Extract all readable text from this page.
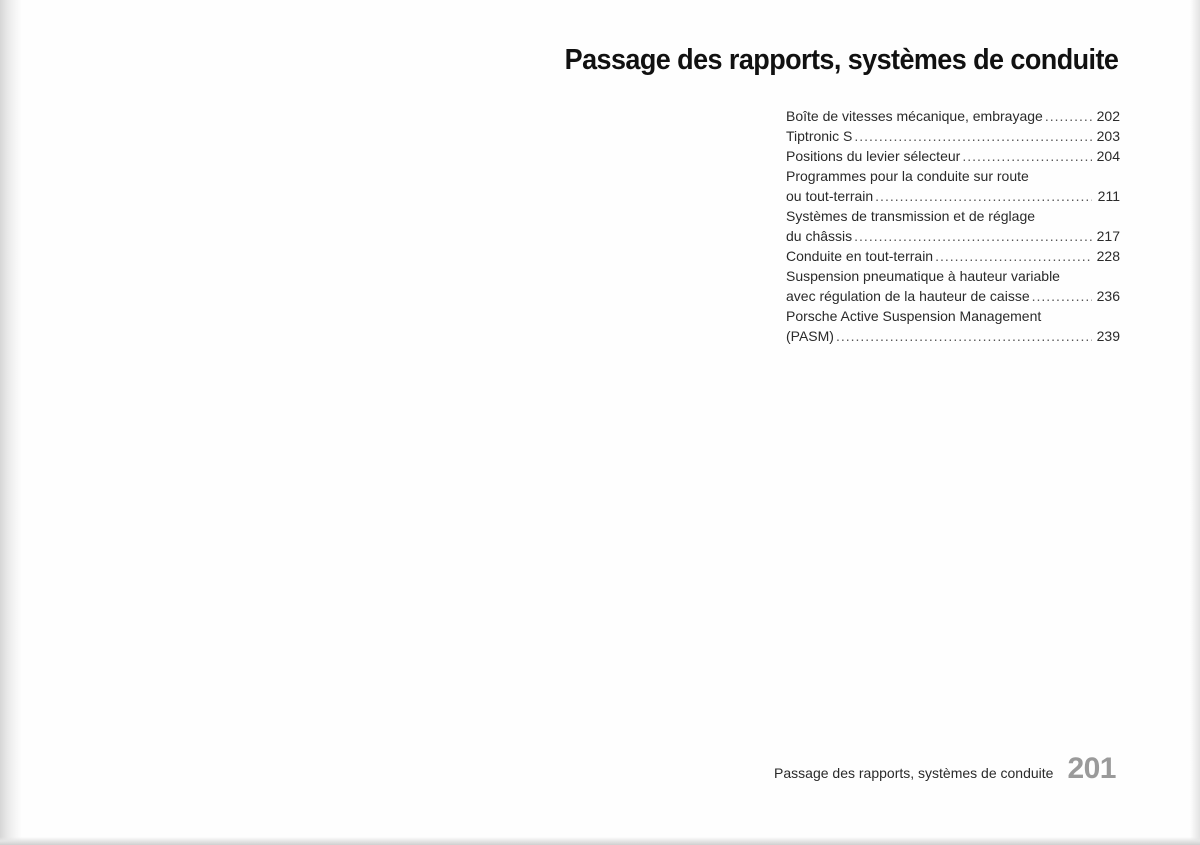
Passage des rapports, systèmes de conduite
Boîte de vitesses mécanique, embrayage .....	202
Tiptronic S .....	203
Positions du levier sélecteur .....	204
Programmes pour la conduite sur route
ou tout-terrain .....	211
Systèmes de transmission et de réglage
du châssis .....	217
Conduite en tout-terrain .....	228
Suspension pneumatique à hauteur variable
avec régulation de la hauteur de caisse .....	236
Porsche Active Suspension Management
(PASM) .....	239
Passage des rapports, systèmes de conduite 201
